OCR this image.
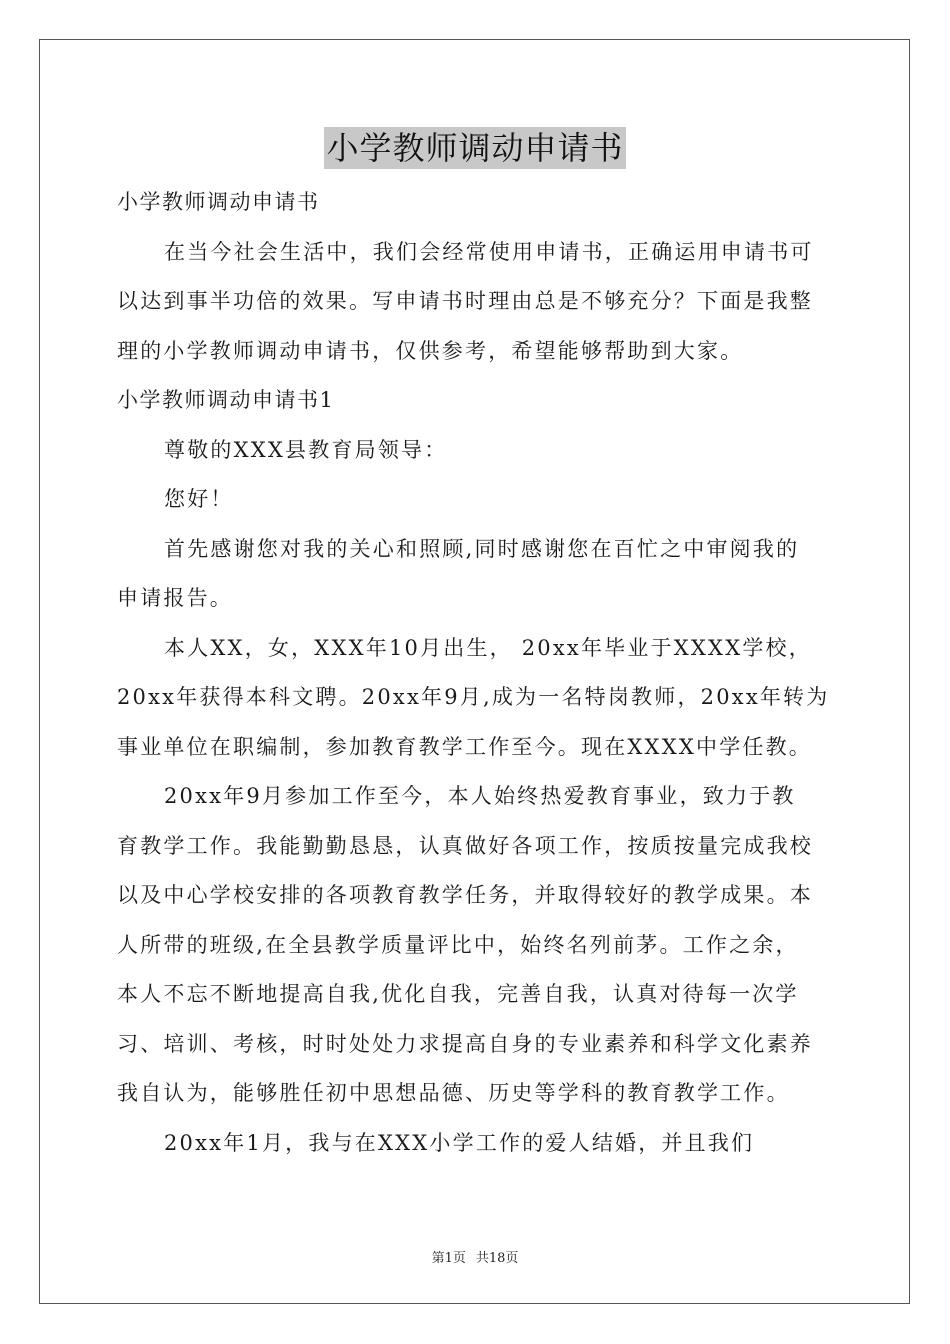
小学教师调动申请书
小学教师调动申请书
在当今社会生活中，我们会经常使用申请书，正确运用申请书可
以达到事半功倍的效果。写申请书时理由总是不够充分？下面是我整
理的小学教师调动申请书，仅供参考，希望能够帮助到大家。
小学教师调动申请书1
尊敬的XXX县教育局领导：
您好！
首先感谢您对我的关心和照顾,同时感谢您在百忙之中审阅我的
申请报告。
本人XX，女，XXX年10月出生， 20xx年毕业于XXXX学校，
20xx年获得本科文聘。20xx年9月,成为一名特岗教师，20xx年转为
事业单位在职编制，参加教育教学工作至今。现在XXXX中学任教。
20xx年9月参加工作至今，本人始终热爱教育事业，致力于教
育教学工作。我能勤勤恳恳，认真做好各项工作，按质按量完成我校
以及中心学校安排的各项教育教学任务，并取得较好的教学成果。本
人所带的班级,在全县教学质量评比中，始终名列前茅。工作之余，
本人不忘不断地提高自我,优化自我，完善自我，认真对待每一次学
习、培训、考核，时时处处力求提高自身的专业素养和科学文化素养
我自认为，能够胜任初中思想品德、历史等学科的教育教学工作。
20xx年1月，我与在XXX小学工作的爱人结婚，并且我们
第1页 共18页
